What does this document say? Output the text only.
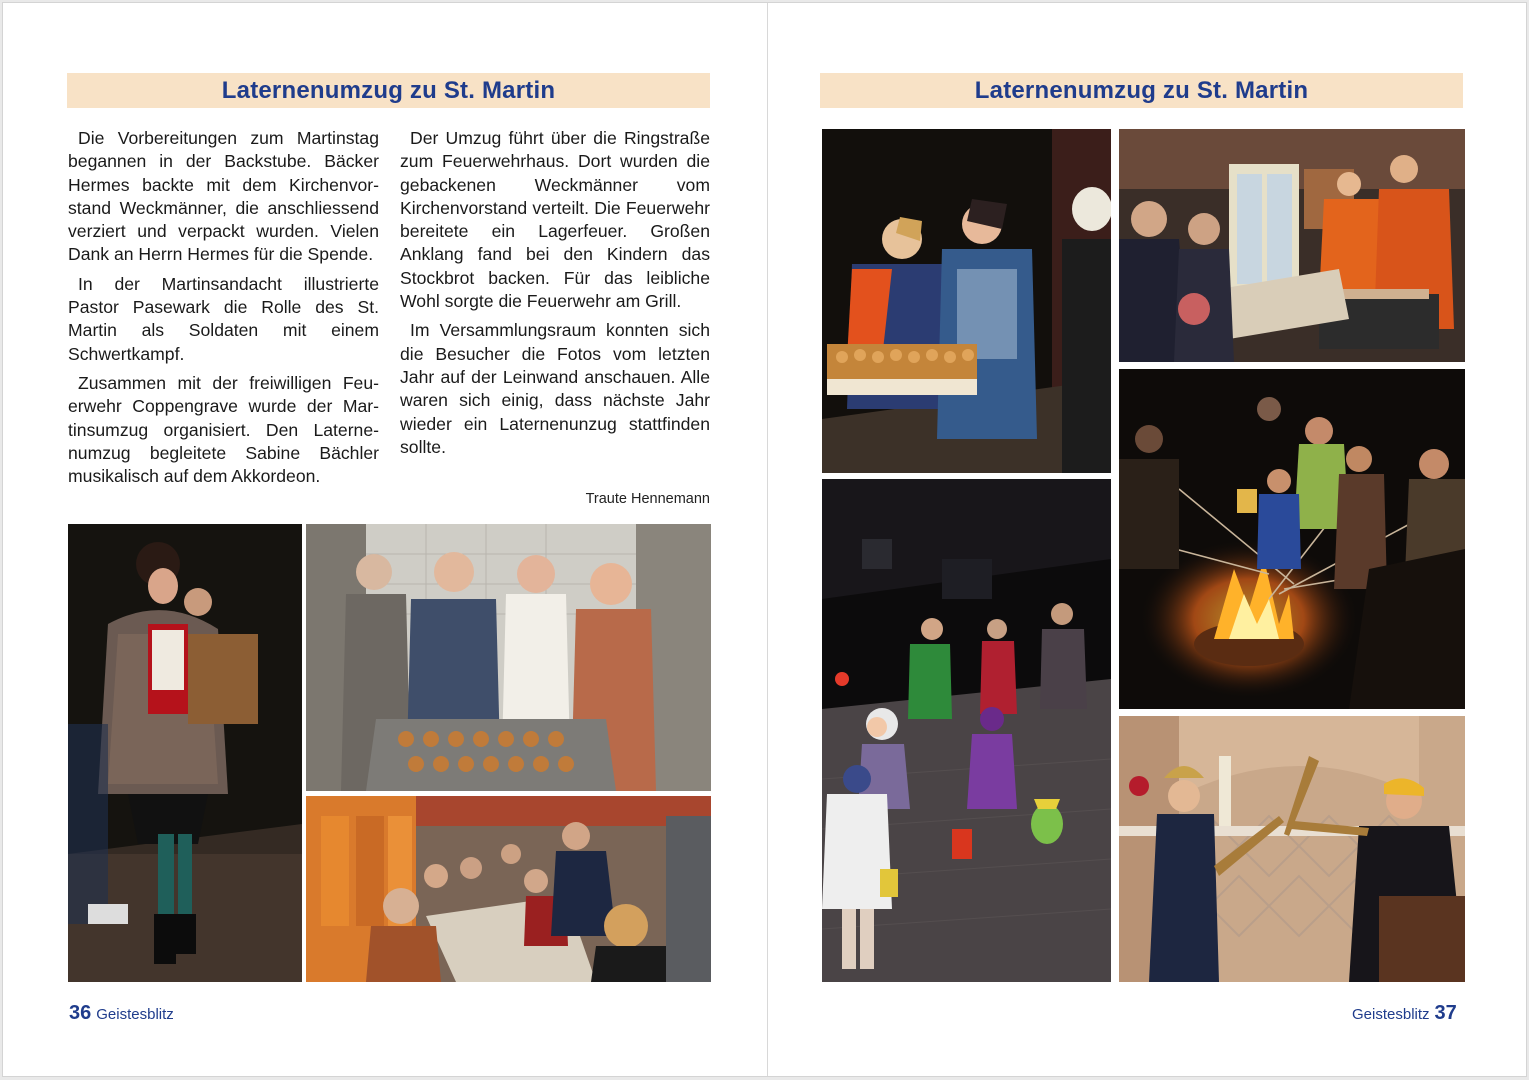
Laternenumzug zu St. Martin

Die Vorbereitungen zum Martinstag begannen in der Backstube. Bäcker Hermes backte mit dem Kirchenvorstand Weckmänner, die anschliessend verziert und verpackt wurden. Vielen Dank an Herrn Hermes für die Spende.

In der Martinsandacht illustrierte Pastor Pasewark die Rolle des St. Martin als Soldaten mit einem Schwertkampf.

Zusammen mit der freiwilligen Feuerwehr Coppengrave wurde der Martinsumzug organisiert. Den Laternenumzug begleitete Sabine Bächler musikalisch auf dem Akkordeon.

Der Umzug führt über die Ringstraße zum Feuerwehrhaus. Dort wurden die gebackenen Weckmänner vom Kirchenvorstand verteilt. Die Feuerwehr bereitete ein Lagerfeuer. Großen Anklang fand bei den Kindern das Stockbrot backen. Für das leibliche Wohl sorgte die Feuerwehr am Grill.

Im Versammlungsraum konnten sich die Besucher die Fotos vom letzten Jahr auf der Leinwand anschauen. Alle waren sich einig, dass nächste Jahr wieder ein Laternenunzug stattfinden sollte.

Traute Hennemann
36 Geistesblitz
Laternenumzug zu St. Martin
Geistesblitz 37
